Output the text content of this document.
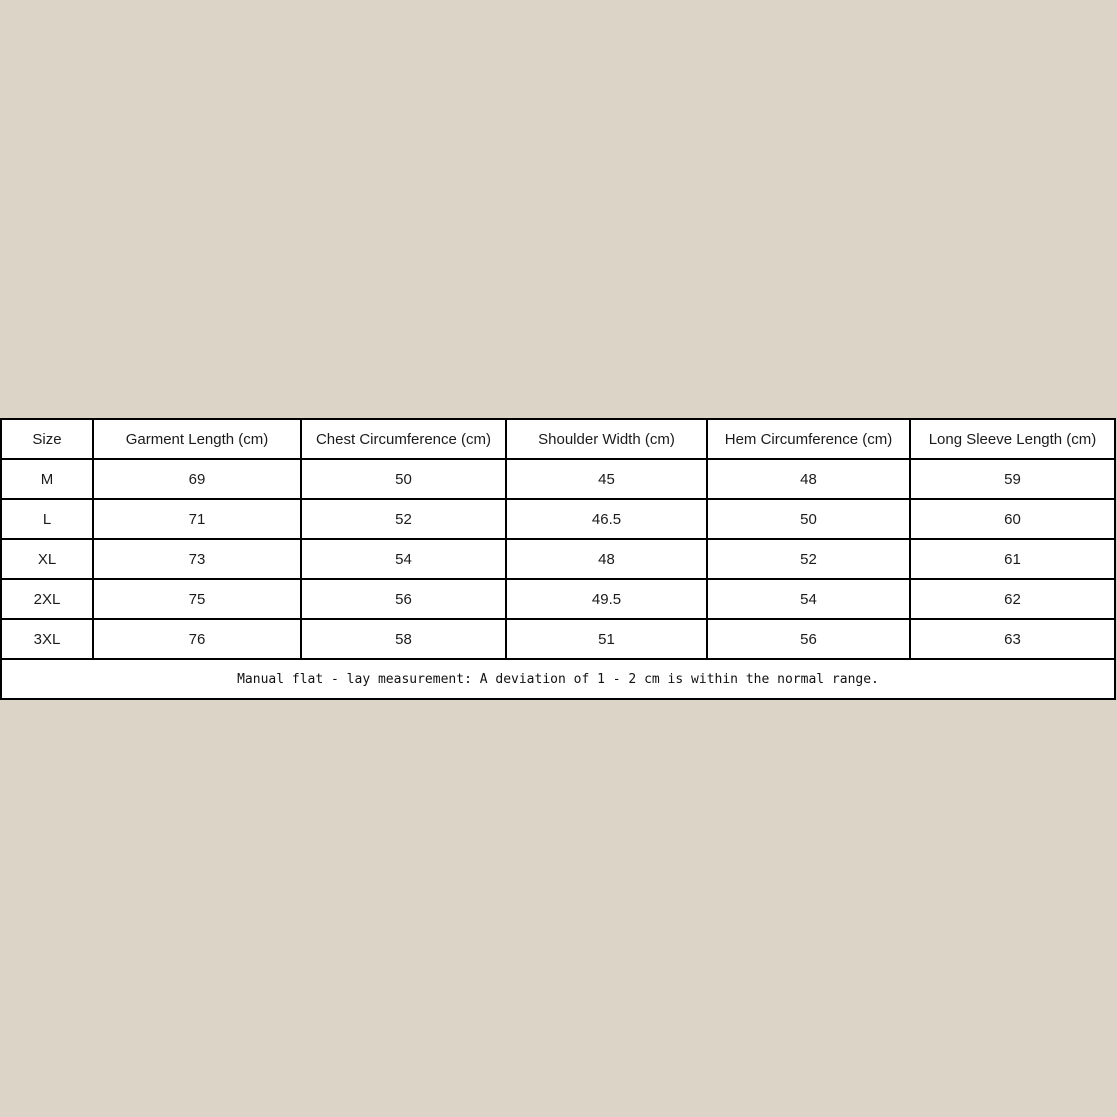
Size	Garment Length (cm)	Chest Circumference (cm)	Shoulder Width (cm)	Hem Circumference (cm)	Long Sleeve Length (cm)
M	69	50	45	48	59
L	71	52	46.5	50	60
XL	73	54	48	52	61
2XL	75	56	49.5	54	62
3XL	76	58	51	56	63
Manual flat - lay measurement: A deviation of 1 - 2 cm is within the normal range.					
